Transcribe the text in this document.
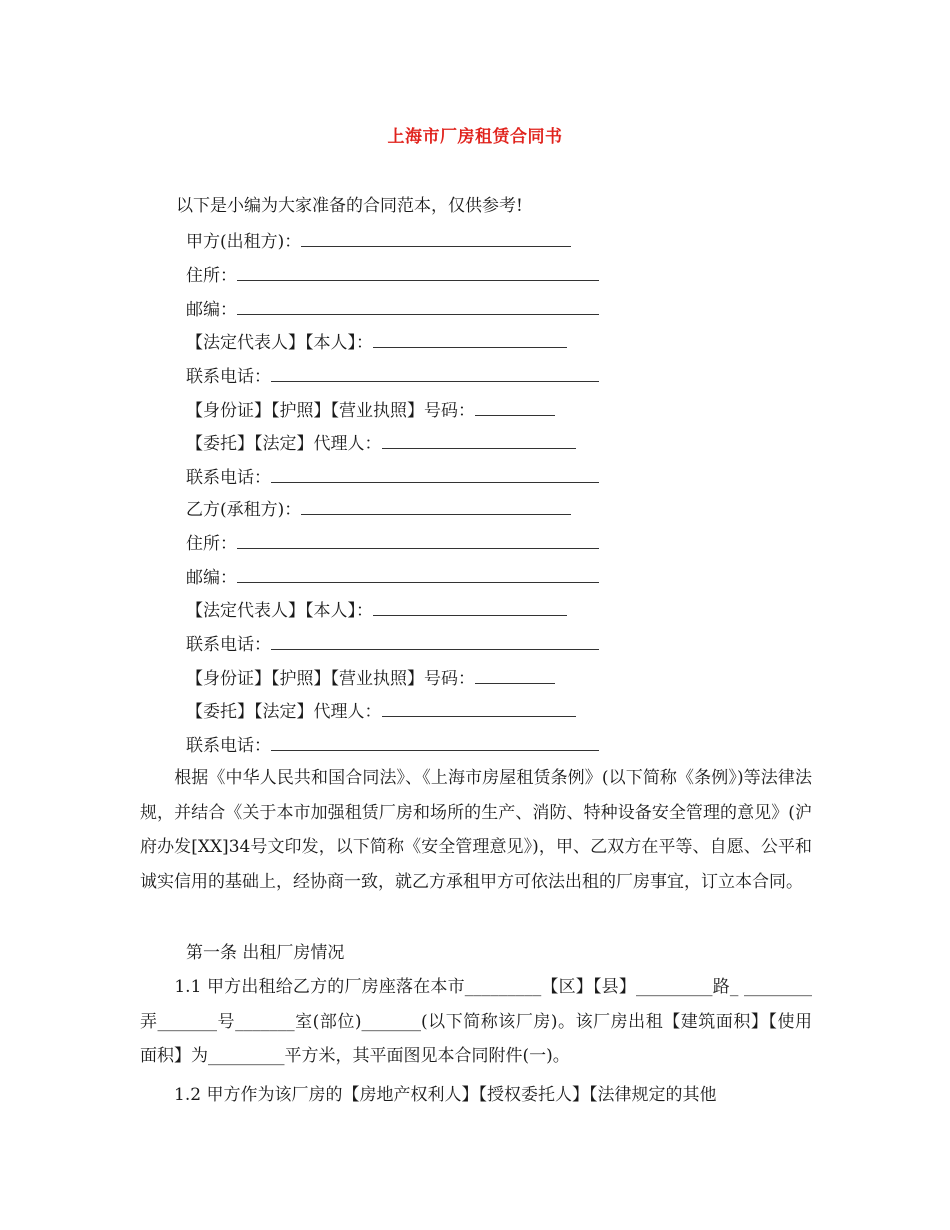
上海市厂房租赁合同书
以下是小编为大家准备的合同范本，仅供参考!
甲方(出租方)：
住所：
邮编：
【法定代表人】【本人】：
联系电话：
【身份证】【护照】【营业执照】号码：
【委托】【法定】代理人：
联系电话：
乙方(承租方)：
住所：
邮编：
【法定代表人】【本人】：
联系电话：
【身份证】【护照】【营业执照】号码：
【委托】【法定】代理人：
联系电话：
　　根据《中华人民共和国合同法》、《上海市房屋租赁条例》(以下简称《条例》)等法律法规，并结合《关于本市加强租赁厂房和场所的生产、消防、特种设备安全管理的意见》(沪府办发[XX]34号文印发，以下简称《安全管理意见》)，甲、乙双方在平等、自愿、公平和诚实信用的基础上，经协商一致，就乙方承租甲方可依法出租的厂房事宜，订立本合同。
第一条 出租厂房情况
　　1.1 甲方出租给乙方的厂房座落在本市_________【区】【县】_________路_ ________弄_______号_______室(部位)_______(以下简称该厂房)。该厂房出租【建筑面积】【使用面积】为_________平方米，其平面图见本合同附件(一)。
　　1.2 甲方作为该厂房的【房地产权利人】【授权委托人】【法律规定的其他
